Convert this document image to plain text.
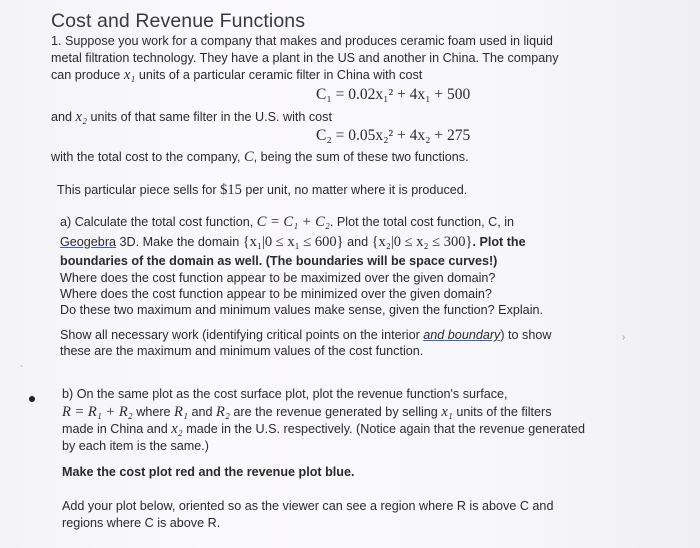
Cost and Revenue Functions
1. Suppose you work for a company that makes and produces ceramic foam used in liquid
metal filtration technology. They have a plant in the US and another in China. The company
can produce x₁ units of a particular ceramic filter in China with cost
C₁ = 0.02x₁² + 4x₁ + 500
and x₂ units of that same filter in the U.S. with cost
C₂ = 0.05x₂² + 4x₂ + 275
with the total cost to the company, C, being the sum of these two functions.
This particular piece sells for $15 per unit, no matter where it is produced.
a) Calculate the total cost function, C = C₁ + C₂. Plot the total cost function, C, in
Geogebra 3D. Make the domain {x₁|0 ≤ x₁ ≤ 600} and {x₂|0 ≤ x₂ ≤ 300}. Plot the
boundaries of the domain as well. (The boundaries will be space curves!)
Where does the cost function appear to be maximized over the given domain?
Where does the cost function appear to be minimized over the given domain?
Do these two maximum and minimum values make sense, given the function? Explain.
Show all necessary work (identifying critical points on the interior and boundary) to show
these are the maximum and minimum values of the cost function.
›
ˋ
b) On the same plot as the cost surface plot, plot the revenue function's surface,
R = R₁ + R₂ where R₁ and R₂ are the revenue generated by selling x₁ units of the filters
made in China and x₂ made in the U.S. respectively. (Notice again that the revenue generated
by each item is the same.)
Make the cost plot red and the revenue plot blue.
Add your plot below, oriented so as the viewer can see a region where R is above C and
regions where C is above R.
